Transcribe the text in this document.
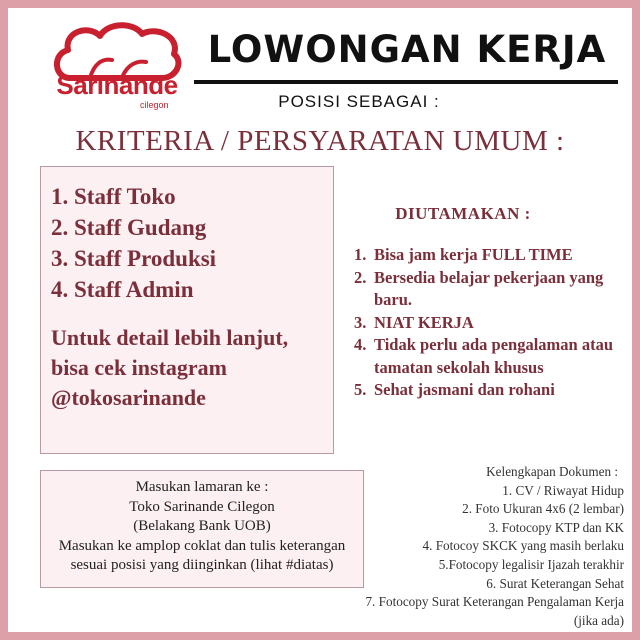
Sarinande
cilegon
LOWONGAN KERJA
POSISI SEBAGAI :
KRITERIA / PERSYARATAN UMUM :
1. Staff Toko
2. Staff Gudang
3. Staff Produksi
4. Staff Admin
Untuk detail lebih lanjut,
bisa cek instagram
@tokosarinande
DIUTAMAKAN :
1. Bisa jam kerja FULL TIME
2. Bersedia belajar pekerjaan yang baru.
3. NIAT KERJA
4. Tidak perlu ada pengalaman atau tamatan sekolah khusus
5. Sehat jasmani dan rohani
Masukan lamaran ke :
Toko Sarinande Cilegon
(Belakang Bank UOB)
Masukan ke amplop coklat dan tulis keterangan
sesuai posisi yang diinginkan (lihat #diatas)
Kelengkapan Dokumen :
1. CV / Riwayat Hidup
2. Foto Ukuran 4x6 (2 lembar)
3. Fotocopy KTP dan KK
4. Fotocoy SKCK yang masih berlaku
5.Fotocopy legalisir Ijazah terakhir
6. Surat Keterangan Sehat
7. Fotocopy Surat Keterangan Pengalaman Kerja
(jika ada)
